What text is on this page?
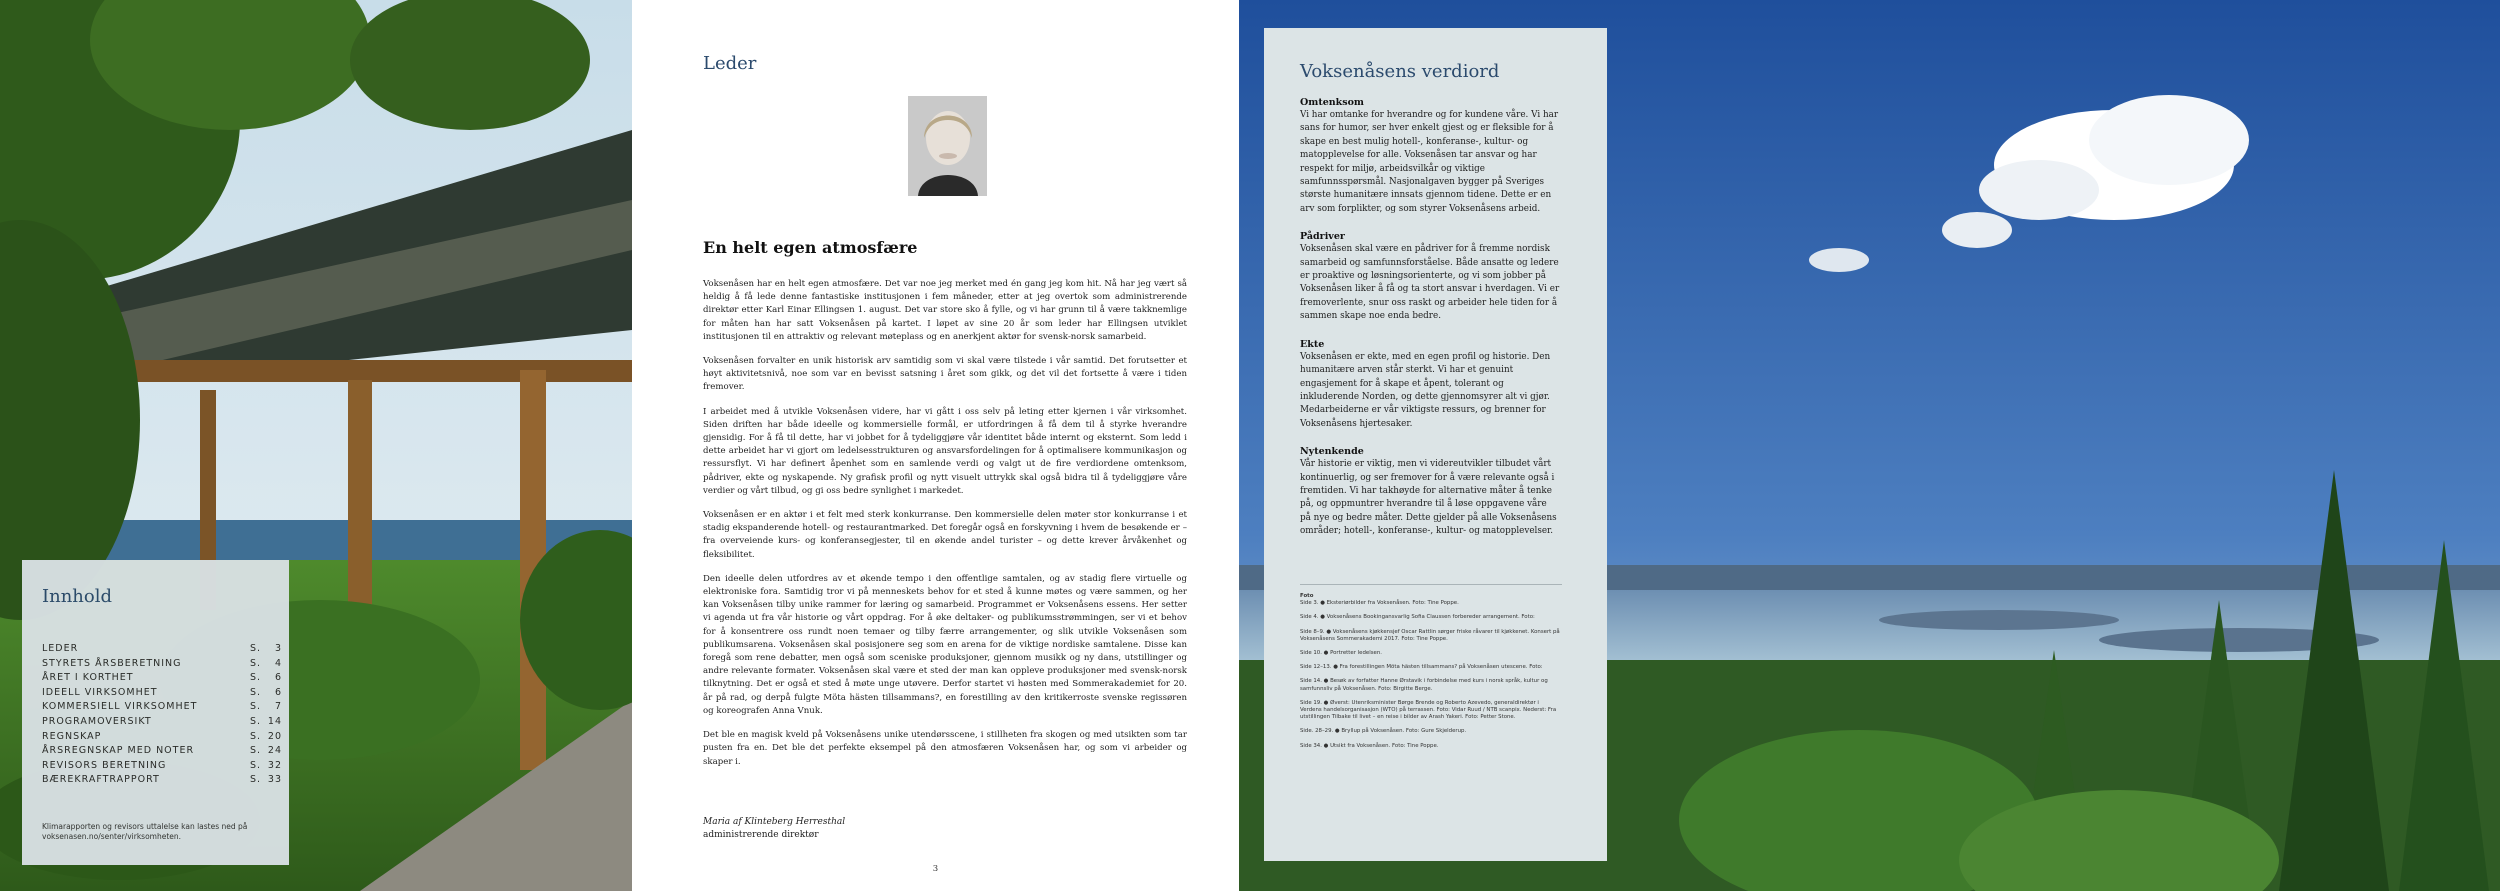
Innhold
LEDER	S. 3
STYRETS ÅRSBERETNING	S. 4
ÅRET I KORTHET	S. 6
IDEELL VIRKSOMHET	S. 6
KOMMERSIELL VIRKSOMHET	S. 7
PROGRAMOVERSIKT	S. 14
REGNSKAP	S. 20
ÅRSREGNSKAP MED NOTER	S. 24
REVISORS BERETNING	S. 32
BÆREKRAFTRAPPORT	S. 33
Klimarapporten og revisors uttalelse kan lastes ned på voksenasen.no/senter/virksomheten.
Leder
En helt egen atmosfære

Voksenåsen har en helt egen atmosfære. Det var noe jeg merket med én gang jeg kom hit. Nå har jeg vært så heldig å få lede denne fantastiske institusjonen i fem måneder, etter at jeg overtok som administrerende direktør etter Karl Einar Ellingsen 1. august. Det var store sko å fylle, og vi har grunn til å være takknemlige for måten han har satt Voksenåsen på kartet. I løpet av sine 20 år som leder har Ellingsen utviklet institusjonen til en attraktiv og relevant møteplass og en anerkjent aktør for svensk-norsk samarbeid.

Voksenåsen forvalter en unik historisk arv samtidig som vi skal være tilstede i vår samtid. Det forutsetter et høyt aktivitetsnivå, noe som var en bevisst satsning i året som gikk, og det vil det fortsette å være i tiden fremover.

I arbeidet med å utvikle Voksenåsen videre, har vi gått i oss selv på leting etter kjernen i vår virksomhet. Siden driften har både ideelle og kommersielle formål, er utfordringen å få dem til å styrke hverandre gjensidig. For å få til dette, har vi jobbet for å tydeliggjøre vår identitet både internt og eksternt. Som ledd i dette arbeidet har vi gjort om ledelsesstrukturen og ansvarsfordelingen for å optimalisere kommunikasjon og ressursflyt. Vi har definert åpenhet som en samlende verdi og valgt ut de fire verdiordene omtenksom, pådriver, ekte og nyskapende. Ny grafisk profil og nytt visuelt uttrykk skal også bidra til å tydeliggjøre våre verdier og vårt tilbud, og gi oss bedre synlighet i markedet.

Voksenåsen er en aktør i et felt med sterk konkurranse. Den kommersielle delen møter stor konkurranse i et stadig ekspanderende hotell- og restaurantmarked. Det foregår også en forskyvning i hvem de besøkende er – fra overveiende kurs- og konferansegjester, til en økende andel turister – og dette krever årvåkenhet og fleksibilitet.

Den ideelle delen utfordres av et økende tempo i den offentlige samtalen, og av stadig flere virtuelle og elektroniske fora. Samtidig tror vi på menneskets behov for et sted å kunne møtes og være sammen, og her kan Voksenåsen tilby unike rammer for læring og samarbeid. Programmet er Voksenåsens essens. Her setter vi agenda ut fra vår historie og vårt oppdrag. For å øke deltaker- og publikumsstrømmingen, ser vi et behov for å konsentrere oss rundt noen temaer og tilby færre arrangementer, og slik utvikle Voksenåsen som publikumsarena. Voksenåsen skal posisjonere seg som en arena for de viktige nordiske samtalene. Disse kan foregå som rene debatter, men også som sceniske produksjoner, gjennom musikk og ny dans, utstillinger og andre relevante formater. Voksenåsen skal være et sted der man kan oppleve produksjoner med svensk-norsk tilknytning. Det er også et sted å møte unge utøvere. Derfor startet vi høsten med Sommerakademiet for 20. år på rad, og derpå fulgte Möta hästen tillsammans?, en forestilling av den kritikerroste svenske regissøren og koreografen Anna Vnuk.

Det ble en magisk kveld på Voksenåsens unike utendørsscene, i stillheten fra skogen og med utsikten som tar pusten fra en. Det ble det perfekte eksempel på den atmosfæren Voksenåsen har, og som vi arbeider og skaper i.

Maria af Klinteberg Herresthal
administrerende direktør
3
Voksenåsens verdiord
Omtenksom

Vi har omtanke for hverandre og for kundene våre. Vi har sans for humor, ser hver enkelt gjest og er fleksible for å skape en best mulig hotell-, konferanse-, kultur- og matopplevelse for alle. Voksenåsen tar ansvar og har respekt for miljø, arbeidsvilkår og viktige samfunnsspørsmål. Nasjonalgaven bygger på Sveriges største humanitære innsats gjennom tidene. Dette er en arv som forplikter, og som styrer Voksenåsens arbeid.

Pådriver

Voksenåsen skal være en pådriver for å fremme nordisk samarbeid og samfunnsforståelse. Både ansatte og ledere er proaktive og løsningsorienterte, og vi som jobber på Voksenåsen liker å få og ta stort ansvar i hverdagen. Vi er fremoverlente, snur oss raskt og arbeider hele tiden for å sammen skape noe enda bedre.

Ekte

Voksenåsen er ekte, med en egen profil og historie. Den humanitære arven står sterkt. Vi har et genuint engasjement for å skape et åpent, tolerant og inkluderende Norden, og dette gjennomsyrer alt vi gjør. Medarbeiderne er vår viktigste ressurs, og brenner for Voksenåsens hjertesaker.

Nytenkende

Vår historie er viktig, men vi viderеutvikler tilbudet vårt kontinuerlig, og ser fremover for å være relevante også i fremtiden. Vi har takhøyde for alternative måter å tenke på, og oppmuntrer hverandre til å løse oppgavene våre på nye og bedre måter. Dette gjelder på alle Voksenåsens områder; hotell-, konferanse-, kultur- og matopplevelser.

Foto
Side 3. ● Eksteriørbilder fra Voksenåsen. Foto: Tine Poppe.
Side 4. ● Voksenåsens Bookingansvarlig Sofia Claussen forbereder arrangement. Foto:
Side 8–9. ● Voksenåsens kjøkkensjef Oscar Rattlin sørger friske råvarer til kjøkkenet. Konsert på Voksenåsens Sommerakademi 2017. Foto: Tine Poppe.
Side 10. ● Portretter ledelsen.
Side 12–13. ● Fra forestillingen Möta hästen tillsammans? på Voksenåsen utescene. Foto:
Side 14. ● Besøk av forfatter Hanne Ørstavik i forbindelse med kurs i norsk språk, kultur og samfunnsliv på Voksenåsen. Foto: Birgitte Berge.
Side 19. ● Øverst: Utenriksminister Børge Brende og Roberto Azevedo, generaldirektør i Verdens handelsorganisasjon (WTO) på terrassen. Foto: Vidar Ruud / NTB scanpix. Nederst: Fra utstillingen Tilbake til livet – en reise i bilder av Arash Yakeri. Foto: Petter Stone.
Side. 28–29. ● Bryllup på Voksenåsen. Foto: Gure Skjelderup.
Side 34. ● Utsikt fra Voksenåsen. Foto: Tine Poppe.
